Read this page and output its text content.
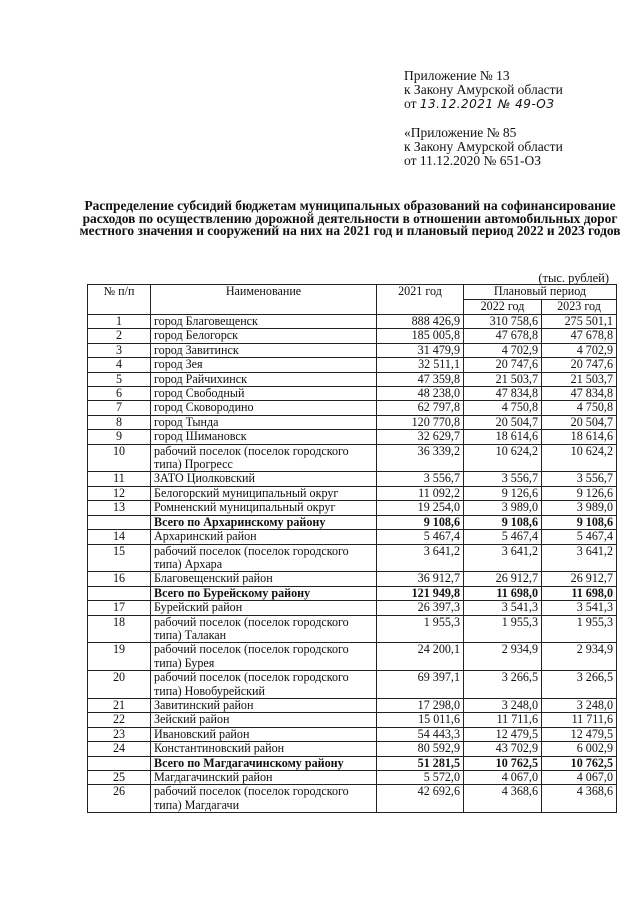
Приложение № 13
к Закону Амурской области
от 13.12.2021 № 49-ОЗ
«Приложение № 85
к Закону Амурской области
от 11.12.2020 № 651-ОЗ
Распределение субсидий бюджетам муниципальных образований на софинансирование расходов по осуществлению дорожной деятельности в отношении автомобильных дорог местного значения и сооружений на них на 2021 год и плановый период 2022 и 2023 годов
(тыс. рублей)
№ п/п	Наименование	2021 год	Плановый период	
			2022 год	2023 год
1	город Благовещенск	888 426,9	310 758,6	275 501,1
2	город Белогорск	185 005,8	47 678,8	47 678,8
3	город Завитинск	31 479,9	4 702,9	4 702,9
4	город Зея	32 511,1	20 747,6	20 747,6
5	город Райчихинск	47 359,8	21 503,7	21 503,7
6	город Свободный	48 238,0	47 834,8	47 834,8
7	город Сковородино	62 797,8	4 750,8	4 750,8
8	город Тында	120 770,8	20 504,7	20 504,7
9	город Шимановск	32 629,7	18 614,6	18 614,6
10	рабочий поселок (поселок городского типа) Прогресс	36 339,2	10 624,2	10 624,2
11	ЗАТО Циолковский	3 556,7	3 556,7	3 556,7
12	Белогорский муниципальный округ	11 092,2	9 126,6	9 126,6
13	Ромненский муниципальный округ	19 254,0	3 989,0	3 989,0
	Всего по Архаринскому району	9 108,6	9 108,6	9 108,6
14	Архаринский район	5 467,4	5 467,4	5 467,4
15	рабочий поселок (поселок городского типа) Архара	3 641,2	3 641,2	3 641,2
16	Благовещенский район	36 912,7	26 912,7	26 912,7
	Всего по Бурейскому району	121 949,8	11 698,0	11 698,0
17	Бурейский район	26 397,3	3 541,3	3 541,3
18	рабочий поселок (поселок городского типа) Талакан	1 955,3	1 955,3	1 955,3
19	рабочий поселок (поселок городского типа) Бурея	24 200,1	2 934,9	2 934,9
20	рабочий поселок (поселок городского типа) Новобурейский	69 397,1	3 266,5	3 266,5
21	Завитинский район	17 298,0	3 248,0	3 248,0
22	Зейский район	15 011,6	11 711,6	11 711,6
23	Ивановский район	54 443,3	12 479,5	12 479,5
24	Константиновский район	80 592,9	43 702,9	6 002,9
	Всего по Магдагачинскому району	51 281,5	10 762,5	10 762,5
25	Магдагачинский район	5 572,0	4 067,0	4 067,0
26	рабочий поселок (поселок городского типа) Магдагачи	42 692,6	4 368,6	4 368,6
